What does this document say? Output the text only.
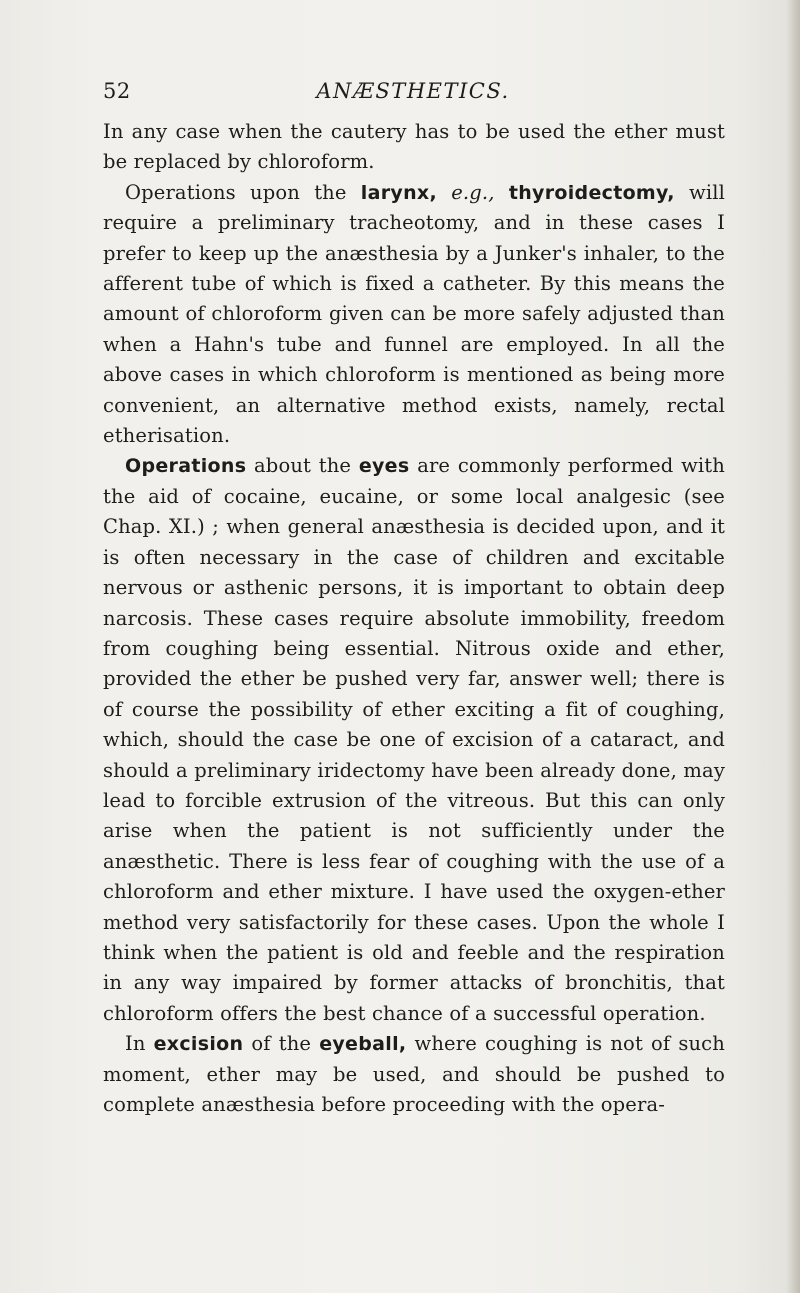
52	ANÆSTHETICS.

In any case when the cautery has to be used the ether must be replaced by chloroform.

Operations upon the larynx, e.g., thyroidectomy, will require a preliminary tracheotomy, and in these cases I prefer to keep up the anæsthesia by a Junker's inhaler, to the afferent tube of which is fixed a catheter. By this means the amount of chloroform given can be more safely adjusted than when a Hahn's tube and funnel are employed. In all the above cases in which chloroform is mentioned as being more convenient, an alternative method exists, namely, rectal etherisation.

Operations about the eyes are commonly performed with the aid of cocaine, eucaine, or some local analgesic (see Chap. XI.) ; when general anæsthesia is decided upon, and it is often necessary in the case of children and excitable nervous or asthenic persons, it is important to obtain deep narcosis. These cases require absolute immobility, freedom from coughing being essential. Nitrous oxide and ether, provided the ether be pushed very far, answer well; there is of course the possibility of ether exciting a fit of coughing, which, should the case be one of excision of a cataract, and should a preliminary iridectomy have been already done, may lead to forcible extrusion of the vitreous. But this can only arise when the patient is not sufficiently under the anæsthetic. There is less fear of coughing with the use of a chloroform and ether mixture. I have used the oxygen-ether method very satisfactorily for these cases. Upon the whole I think when the patient is old and feeble and the respiration in any way impaired by former attacks of bronchitis, that chloroform offers the best chance of a successful operation.

In excision of the eyeball, where coughing is not of such moment, ether may be used, and should be pushed to complete anæsthesia before proceeding with the opera-
